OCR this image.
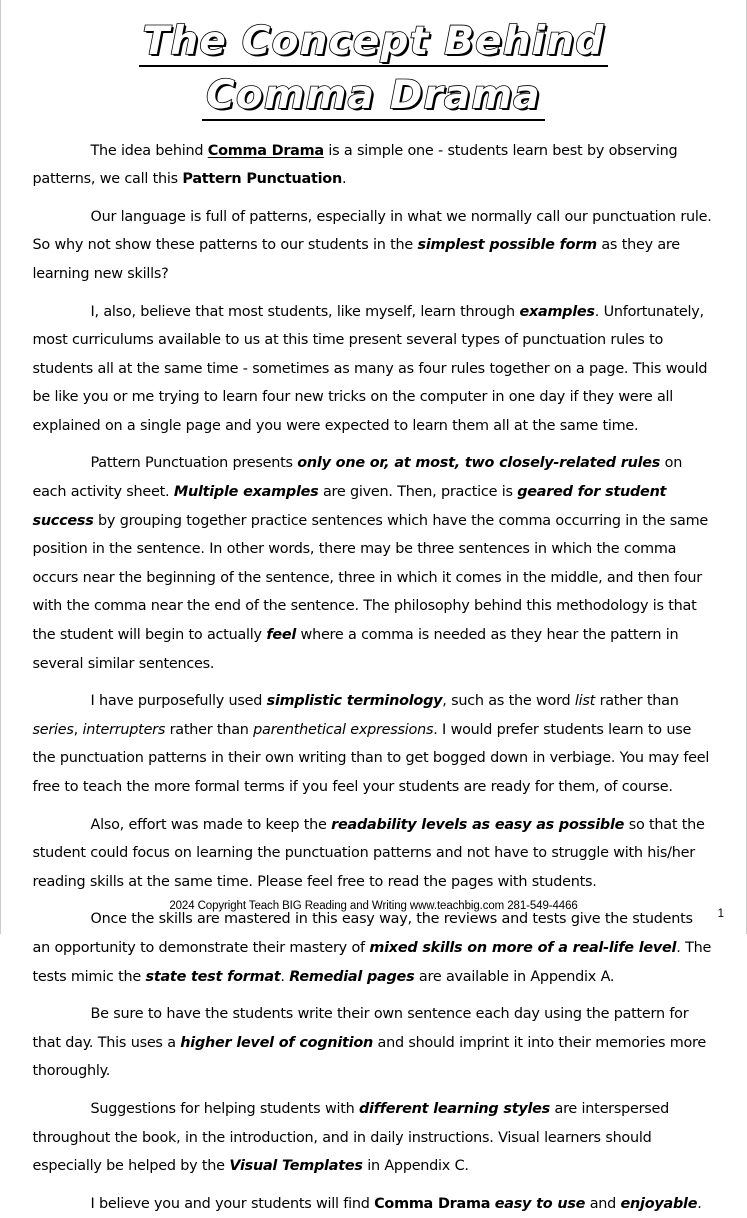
The Concept Behind
Comma Drama

The idea behind Comma Drama is a simple one - students learn best by observing patterns, we call this Pattern Punctuation.

Our language is full of patterns, especially in what we normally call our punctuation rule. So why not show these patterns to our students in the simplest possible form as they are learning new skills?

I, also, believe that most students, like myself, learn through examples. Unfortunately, most curriculums available to us at this time present several types of punctuation rules to students all at the same time - sometimes as many as four rules together on a page. This would be like you or me trying to learn four new tricks on the computer in one day if they were all explained on a single page and you were expected to learn them all at the same time.

Pattern Punctuation presents only one or, at most, two closely-related rules on each activity sheet. Multiple examples are given. Then, practice is geared for student success by grouping together practice sentences which have the comma occurring in the same position in the sentence. In other words, there may be three sentences in which the comma occurs near the beginning of the sentence, three in which it comes in the middle, and then four with the comma near the end of the sentence. The philosophy behind this methodology is that the student will begin to actually feel where a comma is needed as they hear the pattern in several similar sentences.

I have purposefully used simplistic terminology, such as the word list rather than series, interrupters rather than parenthetical expressions. I would prefer students learn to use the punctuation patterns in their own writing than to get bogged down in verbiage. You may feel free to teach the more formal terms if you feel your students are ready for them, of course.

Also, effort was made to keep the readability levels as easy as possible so that the student could focus on learning the punctuation patterns and not have to struggle with his/her reading skills at the same time. Please feel free to read the pages with students.

Once the skills are mastered in this easy way, the reviews and tests give the students an opportunity to demonstrate their mastery of mixed skills on more of a real-life level. The tests mimic the state test format. Remedial pages are available in Appendix A.

Be sure to have the students write their own sentence each day using the pattern for that day. This uses a higher level of cognition and should imprint it into their memories more thoroughly.

Suggestions for helping students with different learning styles are interspersed throughout the book, in the introduction, and in daily instructions. Visual learners should especially be helped by the Visual Templates in Appendix C.

I believe you and your students will find Comma Drama easy to use and enjoyable.

2024 Copyright Teach BIG Reading and Writing www.teachbig.com 281-549-4466
1
